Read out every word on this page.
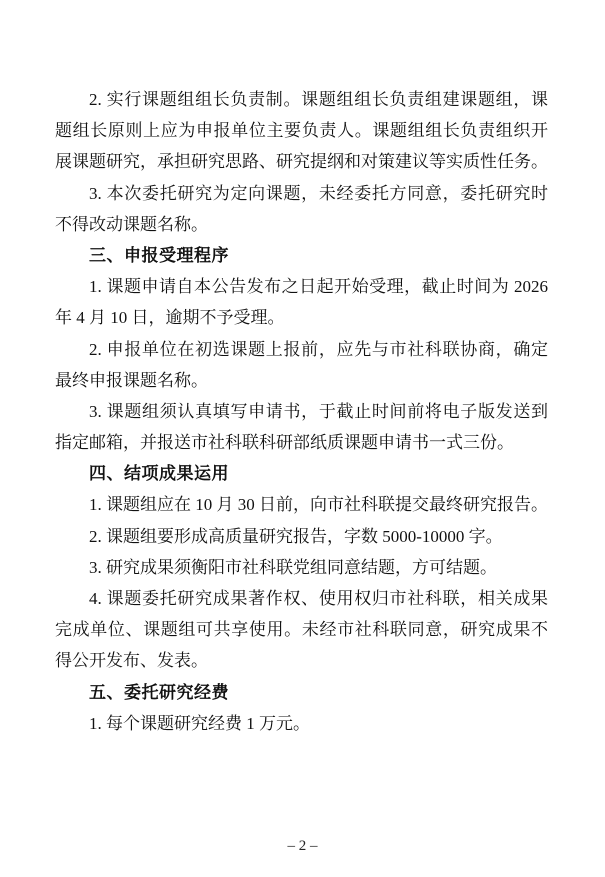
2. 实行课题组组长负责制。课题组组长负责组建课题组，课
题组长原则上应为申报单位主要负责人。课题组组长负责组织开
展课题研究，承担研究思路、研究提纲和对策建议等实质性任务。
3. 本次委托研究为定向课题，未经委托方同意，委托研究时
不得改动课题名称。
三、申报受理程序
1. 课题申请自本公告发布之日起开始受理，截止时间为 2026
年 4 月 10 日，逾期不予受理。
2. 申报单位在初选课题上报前，应先与市社科联协商，确定
最终申报课题名称。
3. 课题组须认真填写申请书，于截止时间前将电子版发送到
指定邮箱，并报送市社科联科研部纸质课题申请书一式三份。
四、结项成果运用
1. 课题组应在 10 月 30 日前，向市社科联提交最终研究报告。
2. 课题组要形成高质量研究报告，字数 5000-10000 字。
3. 研究成果须衡阳市社科联党组同意结题，方可结题。
4. 课题委托研究成果著作权、使用权归市社科联，相关成果
完成单位、课题组可共享使用。未经市社科联同意，研究成果不
得公开发布、发表。
五、委托研究经费
1. 每个课题研究经费 1 万元。
– 2 –
